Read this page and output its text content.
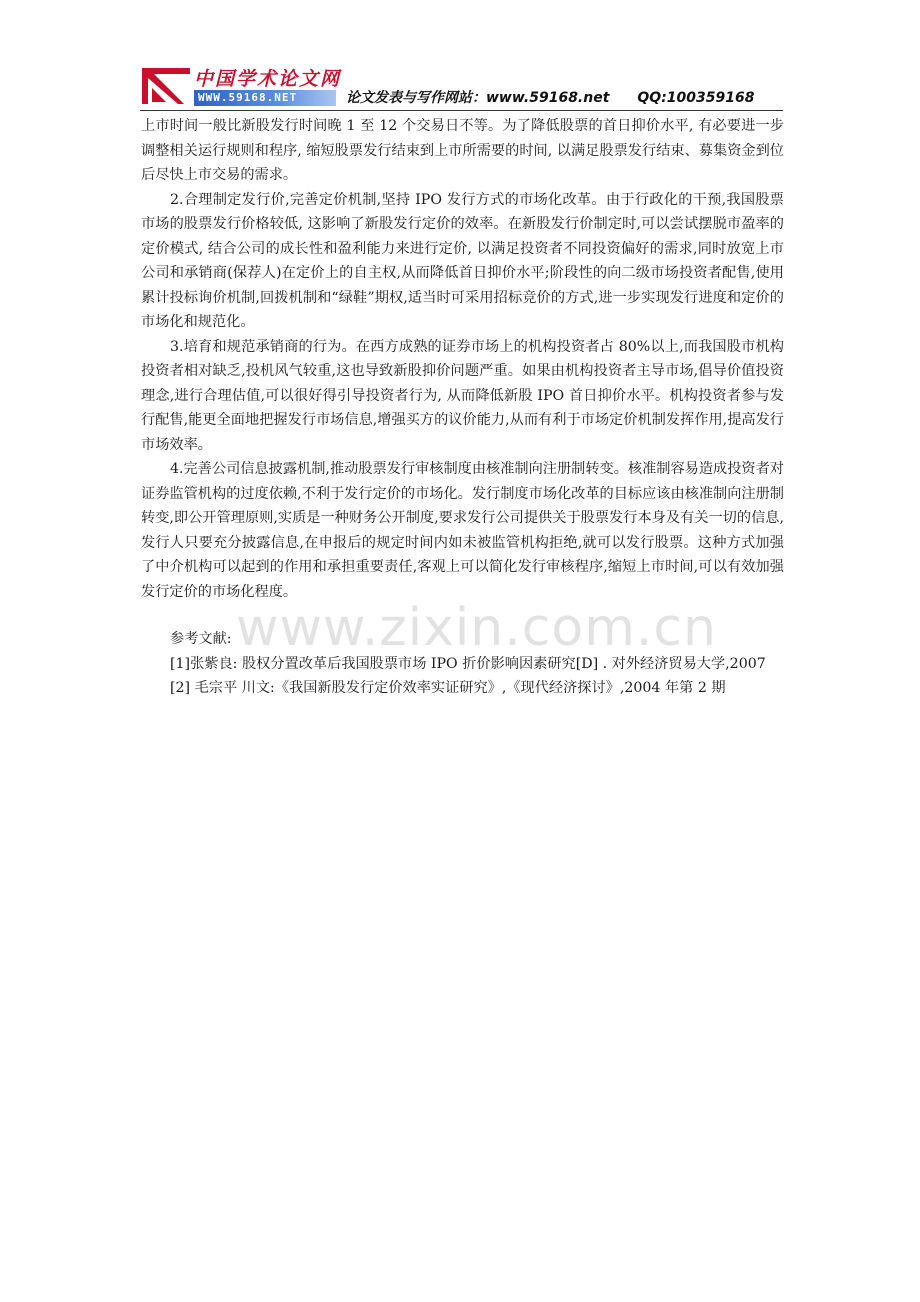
中国学术论文网
WWW.59168.NET	论文发表与写作网站：www.59168.net QQ:100359168

上市时间一般比新股发行时间晚 1 至 12 个交易日不等。为了降低股票的首日抑价水平, 有必要进一步调整相关运行规则和程序, 缩短股票发行结束到上市所需要的时间, 以满足股票发行结束、募集资金到位后尽快上市交易的需求。

2.合理制定发行价,完善定价机制,坚持 IPO 发行方式的市场化改革。由于行政化的干预,我国股票市场的股票发行价格较低, 这影响了新股发行定价的效率。在新股发行价制定时,可以尝试摆脱市盈率的定价模式, 结合公司的成长性和盈利能力来进行定价, 以满足投资者不同投资偏好的需求,同时放宽上市公司和承销商(保荐人)在定价上的自主权,从而降低首日抑价水平;阶段性的向二级市场投资者配售,使用累计投标询价机制,回拨机制和“绿鞋”期权,适当时可采用招标竞价的方式,进一步实现发行进度和定价的市场化和规范化。

3.培育和规范承销商的行为。在西方成熟的证券市场上的机构投资者占 80%以上,而我国股市机构投资者相对缺乏,投机风气较重,这也导致新股抑价问题严重。如果由机构投资者主导市场,倡导价值投资理念,进行合理估值,可以很好得引导投资者行为, 从而降低新股 IPO 首日抑价水平。机构投资者参与发行配售,能更全面地把握发行市场信息,增强买方的议价能力,从而有利于市场定价机制发挥作用,提高发行市场效率。

4.完善公司信息披露机制,推动股票发行审核制度由核准制向注册制转变。核准制容易造成投资者对证券监管机构的过度依赖,不利于发行定价的市场化。发行制度市场化改革的目标应该由核准制向注册制转变,即公开管理原则,实质是一种财务公开制度,要求发行公司提供关于股票发行本身及有关一切的信息,发行人只要充分披露信息,在申报后的规定时间内如未被监管机构拒绝,就可以发行股票。这种方式加强了中介机构可以起到的作用和承担重要责任,客观上可以简化发行审核程序,缩短上市时间,可以有效加强发行定价的市场化程度。

参考文献:

[1]张紫良: 股权分置改革后我国股票市场 IPO 折价影响因素研究[D] . 对外经济贸易大学,2007

[2] 毛宗平 川文:《我国新股发行定价效率实证研究》,《现代经济探讨》,2004 年第 2 期

www.zixin.com.cn
